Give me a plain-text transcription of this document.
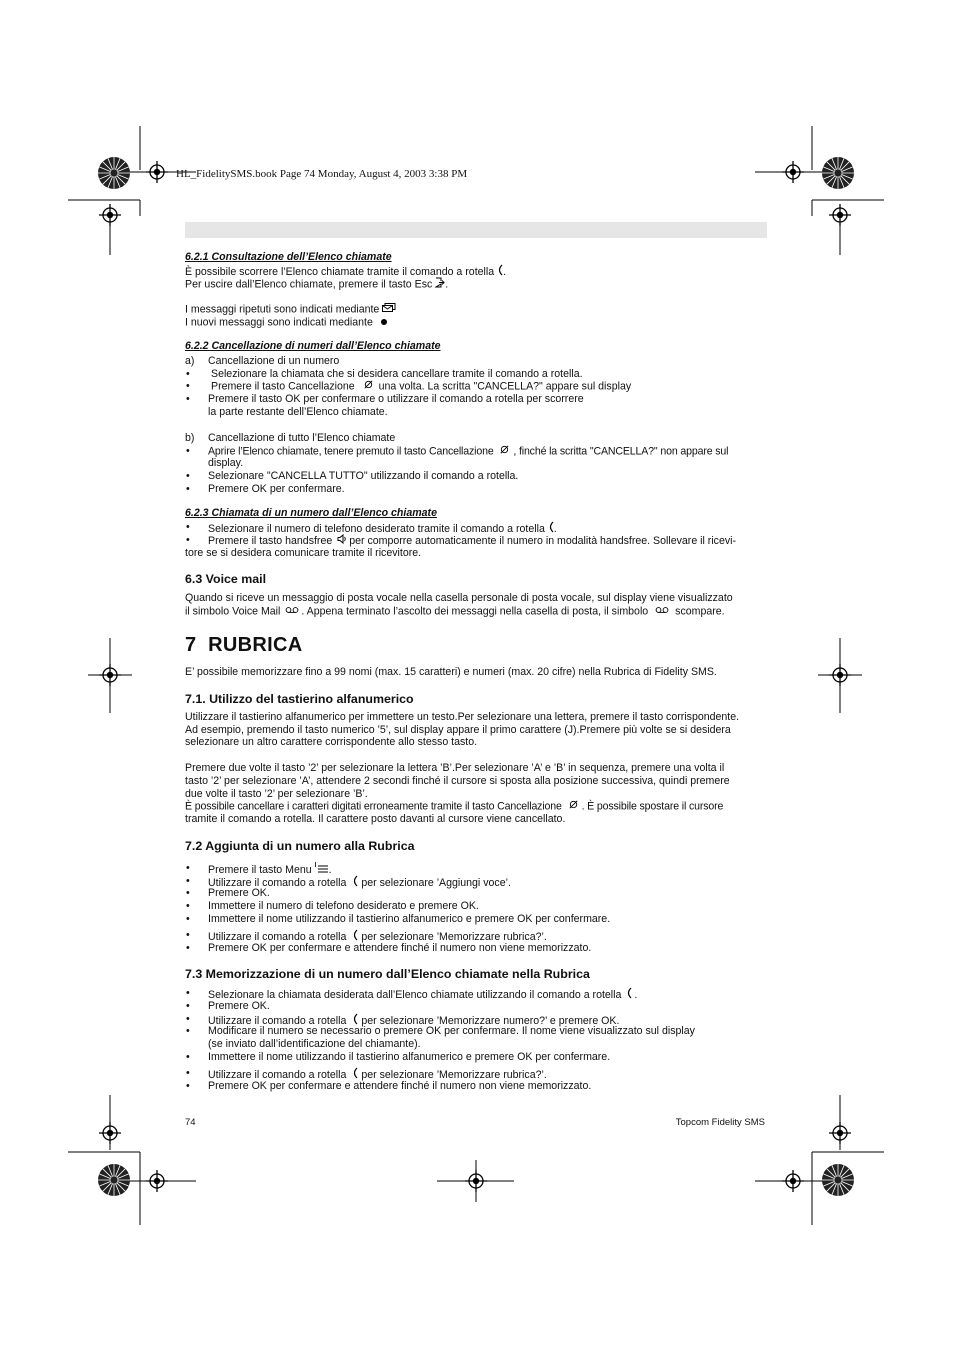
HL_FidelitySMS.book Page 74 Monday, August 4, 2003 3:38 PM
6.2.1 Consultazione dell’Elenco chiamate
È possibile scorrere l’Elenco chiamate tramite il comando a rotella .
Per uscire dall’Elenco chiamate, premere il tasto Esc .
I messaggi ripetuti sono indicati mediante
I nuovi messaggi sono indicati mediante
6.2.2 Cancellazione di numeri dall’Elenco chiamate
a) Cancellazione di un numero
• Selezionare la chiamata che si desidera cancellare tramite il comando a rotella.
• Premere il tasto Cancellazione una volta. La scritta "CANCELLA?" appare sul display
• Premere il tasto OK per confermare o utilizzare il comando a rotella per scorrere
la parte restante dell’Elenco chiamate.
b) Cancellazione di tutto l’Elenco chiamate
• Aprire l’Elenco chiamate, tenere premuto il tasto Cancellazione , finché la scritta "CANCELLA?" non appare sul
display.
• Selezionare "CANCELLA TUTTO" utilizzando il comando a rotella.
• Premere OK per confermare.
6.2.3 Chiamata di un numero dall’Elenco chiamate
• Selezionare il numero di telefono desiderato tramite il comando a rotella .
• Premere il tasto handsfree per comporre automaticamente il numero in modalità handsfree. Sollevare il ricevi-
tore se si desidera comunicare tramite il ricevitore.
6.3 Voice mail
Quando si riceve un messaggio di posta vocale nella casella personale di posta vocale, sul display viene visualizzato
il simbolo Voice Mail . Appena terminato l’ascolto dei messaggi nella casella di posta, il simbolo	scompare.
7 RUBRICA
E’ possibile memorizzare fino a 99 nomi (max. 15 caratteri) e numeri (max. 20 cifre) nella Rubrica di Fidelity SMS.
7.1. Utilizzo del tastierino alfanumerico
Utilizzare il tastierino alfanumerico per immettere un testo.Per selezionare una lettera, premere il tasto corrispondente.
Ad esempio, premendo il tasto numerico ’5’, sul display appare il primo carattere (J).Premere più volte se si desidera
selezionare un altro carattere corrispondente allo stesso tasto.
Premere due volte il tasto ’2’ per selezionare la lettera ’B’.Per selezionare ’A’ e ’B’ in sequenza, premere una volta il
tasto ’2’ per selezionare ’A’, attendere 2 secondi finché il cursore si sposta alla posizione successiva, quindi premere
due volte il tasto ’2’ per selezionare ’B’.
È possibile cancellare i caratteri digitati erroneamente tramite il tasto Cancellazione . È possibile spostare il cursore
tramite il comando a rotella. Il carattere posto davanti al cursore viene cancellato.
7.2 Aggiunta di un numero alla Rubrica
• Premere il tasto Menu .
• Utilizzare il comando a rotella per selezionare ’Aggiungi voce’.
• Premere OK.
• Immettere il numero di telefono desiderato e premere OK.
• Immettere il nome utilizzando il tastierino alfanumerico e premere OK per confermare.
• Utilizzare il comando a rotella per selezionare ’Memorizzare rubrica?’.
• Premere OK per confermare e attendere finché il numero non viene memorizzato.
7.3 Memorizzazione di un numero dall’Elenco chiamate nella Rubrica
• Selezionare la chiamata desiderata dall’Elenco chiamate utilizzando il comando a rotella .
• Premere OK.
• Utilizzare il comando a rotella per selezionare ’Memorizzare numero?’ e premere OK.
• Modificare il numero se necessario o premere OK per confermare. Il nome viene visualizzato sul display
(se inviato dall’identificazione del chiamante).
• Immettere il nome utilizzando il tastierino alfanumerico e premere OK per confermare.
• Utilizzare il comando a rotella per selezionare ’Memorizzare rubrica?’.
• Premere OK per confermare e attendere finché il numero non viene memorizzato.
74	Topcom Fidelity SMS
